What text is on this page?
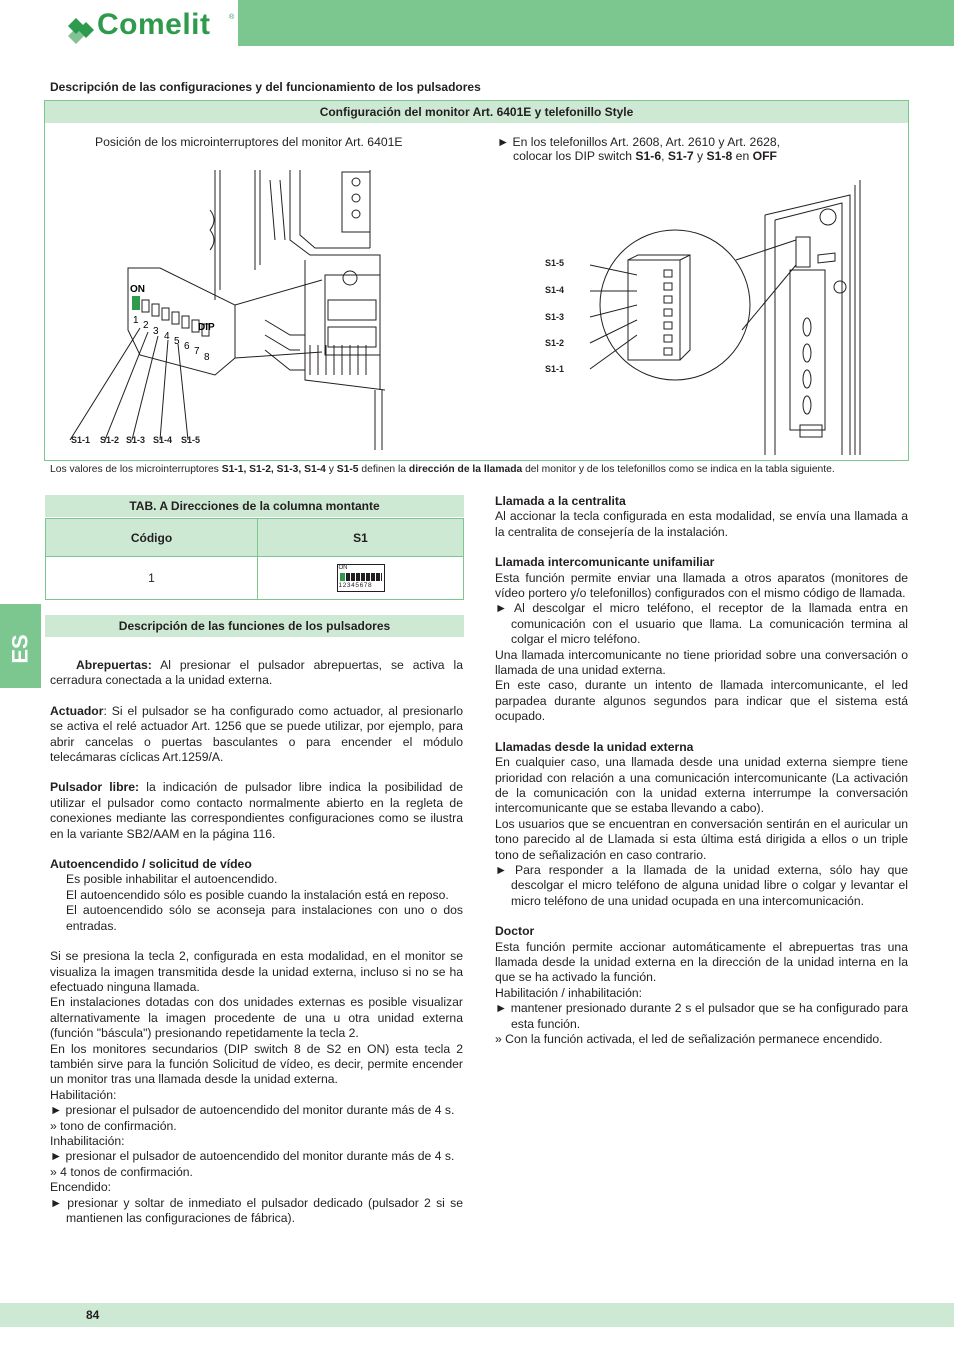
Comelit	®
Descripción de las configuraciones y del funcionamiento de los pulsadores
Configuración del monitor Art. 6401E y telefonillo Style
Posición de los microinterruptores del monitor Art. 6401E	► En los telefonillos Art. 2608, Art. 2610 y Art. 2628,
colocar los DIP switch S1-6, S1-7 y S1-8 en OFF
ON
DIP
1 2
3 4 5 6 7
8
S1-1 S1-2 S1-3 S1-4 S1-5
S1-5
S1-4
S1-3
S1-2
S1-1
Los valores de los microinterruptores S1-1, S1-2, S1-3, S1-4 y S1-5 definen la dirección de la llamada del monitor y de los telefonillos como se indica en la tabla siguiente.
TAB. A Direcciones de la columna montante
Código	S1
1	ON
12345678
Descripción de las funciones de los pulsadores
ES
Abrepuertas: Al presionar el pulsador abrepuertas, se activa la cerradura conectada a la unidad externa.
Actuador: Si el pulsador se ha configurado como actuador, al presionarlo se activa el relé actuador Art. 1256 que se puede utilizar, por ejemplo, para abrir cancelas o puertas basculantes o para encender el módulo telecámaras cíclicas Art.1259/A.
Pulsador libre: la indicación de pulsador libre indica la posibilidad de utilizar el pulsador como contacto normalmente abierto en la regleta de conexiones mediante las correspondientes configuraciones como se ilustra en la variante SB2/AAM en la página 116.
Autoencendido / solicitud de vídeo
Es posible inhabilitar el autoencendido.
El autoencendido sólo es posible cuando la instalación está en reposo.
El autoencendido sólo se aconseja para instalaciones con uno o dos entradas.
Si se presiona la tecla 2, configurada en esta modalidad, en el monitor se visualiza la imagen transmitida desde la unidad externa, incluso si no se ha efectuado ninguna llamada.
En instalaciones dotadas con dos unidades externas es posible visualizar alternativamente la imagen procedente de una u otra unidad externa (función "báscula") presionando repetidamente la tecla 2.
En los monitores secundarios (DIP switch 8 de S2 en ON) esta tecla 2 también sirve para la función Solicitud de vídeo, es decir, permite encender un monitor tras una llamada desde la unidad externa.
Habilitación:
► presionar el pulsador de autoencendido del monitor durante más de 4 s.
» tono de confirmación.
Inhabilitación:
► presionar el pulsador de autoencendido del monitor durante más de 4 s.
» 4 tonos de confirmación.
Encendido:
► presionar y soltar de inmediato el pulsador dedicado (pulsador 2 si se mantienen las configuraciones de fábrica).
Llamada a la centralita
Al accionar la tecla configurada en esta modalidad, se envía una llamada a la centralita de consejería de la instalación.
Llamada intercomunicante unifamiliar
Esta función permite enviar una llamada a otros aparatos (monitores de vídeo portero y/o telefonillos) configurados con el mismo código de llamada.
► Al descolgar el micro teléfono, el receptor de la llamada entra en comunicación con el usuario que llama. La comunicación termina al colgar el micro teléfono.
Una llamada intercomunicante no tiene prioridad sobre una conversación o llamada de una unidad externa.
En este caso, durante un intento de llamada intercomunicante, el led parpadea durante algunos segundos para indicar que el sistema está ocupado.
Llamadas desde la unidad externa
En cualquier caso, una llamada desde una unidad externa siempre tiene prioridad con relación a una comunicación intercomunicante (La activación de la comunicación con la unidad externa interrumpe la conversación intercomunicante que se estaba llevando a cabo).
Los usuarios que se encuentran en conversación sentirán en el auricular un tono parecido al de Llamada si esta última está dirigida a ellos o un triple tono de señalización en caso contrario.
► Para responder a la llamada de la unidad externa, sólo hay que descolgar el micro teléfono de alguna unidad libre o colgar y levantar el micro teléfono de una unidad ocupada en una intercomunicación.
Doctor
Esta función permite accionar automáticamente el abrepuertas tras una llamada desde la unidad externa en la dirección de la unidad interna en la que se ha activado la función.
Habilitación / inhabilitación:
► mantener presionado durante 2 s el pulsador que se ha configurado para esta función.
» Con la función activada, el led de señalización permanece encendido.
84
